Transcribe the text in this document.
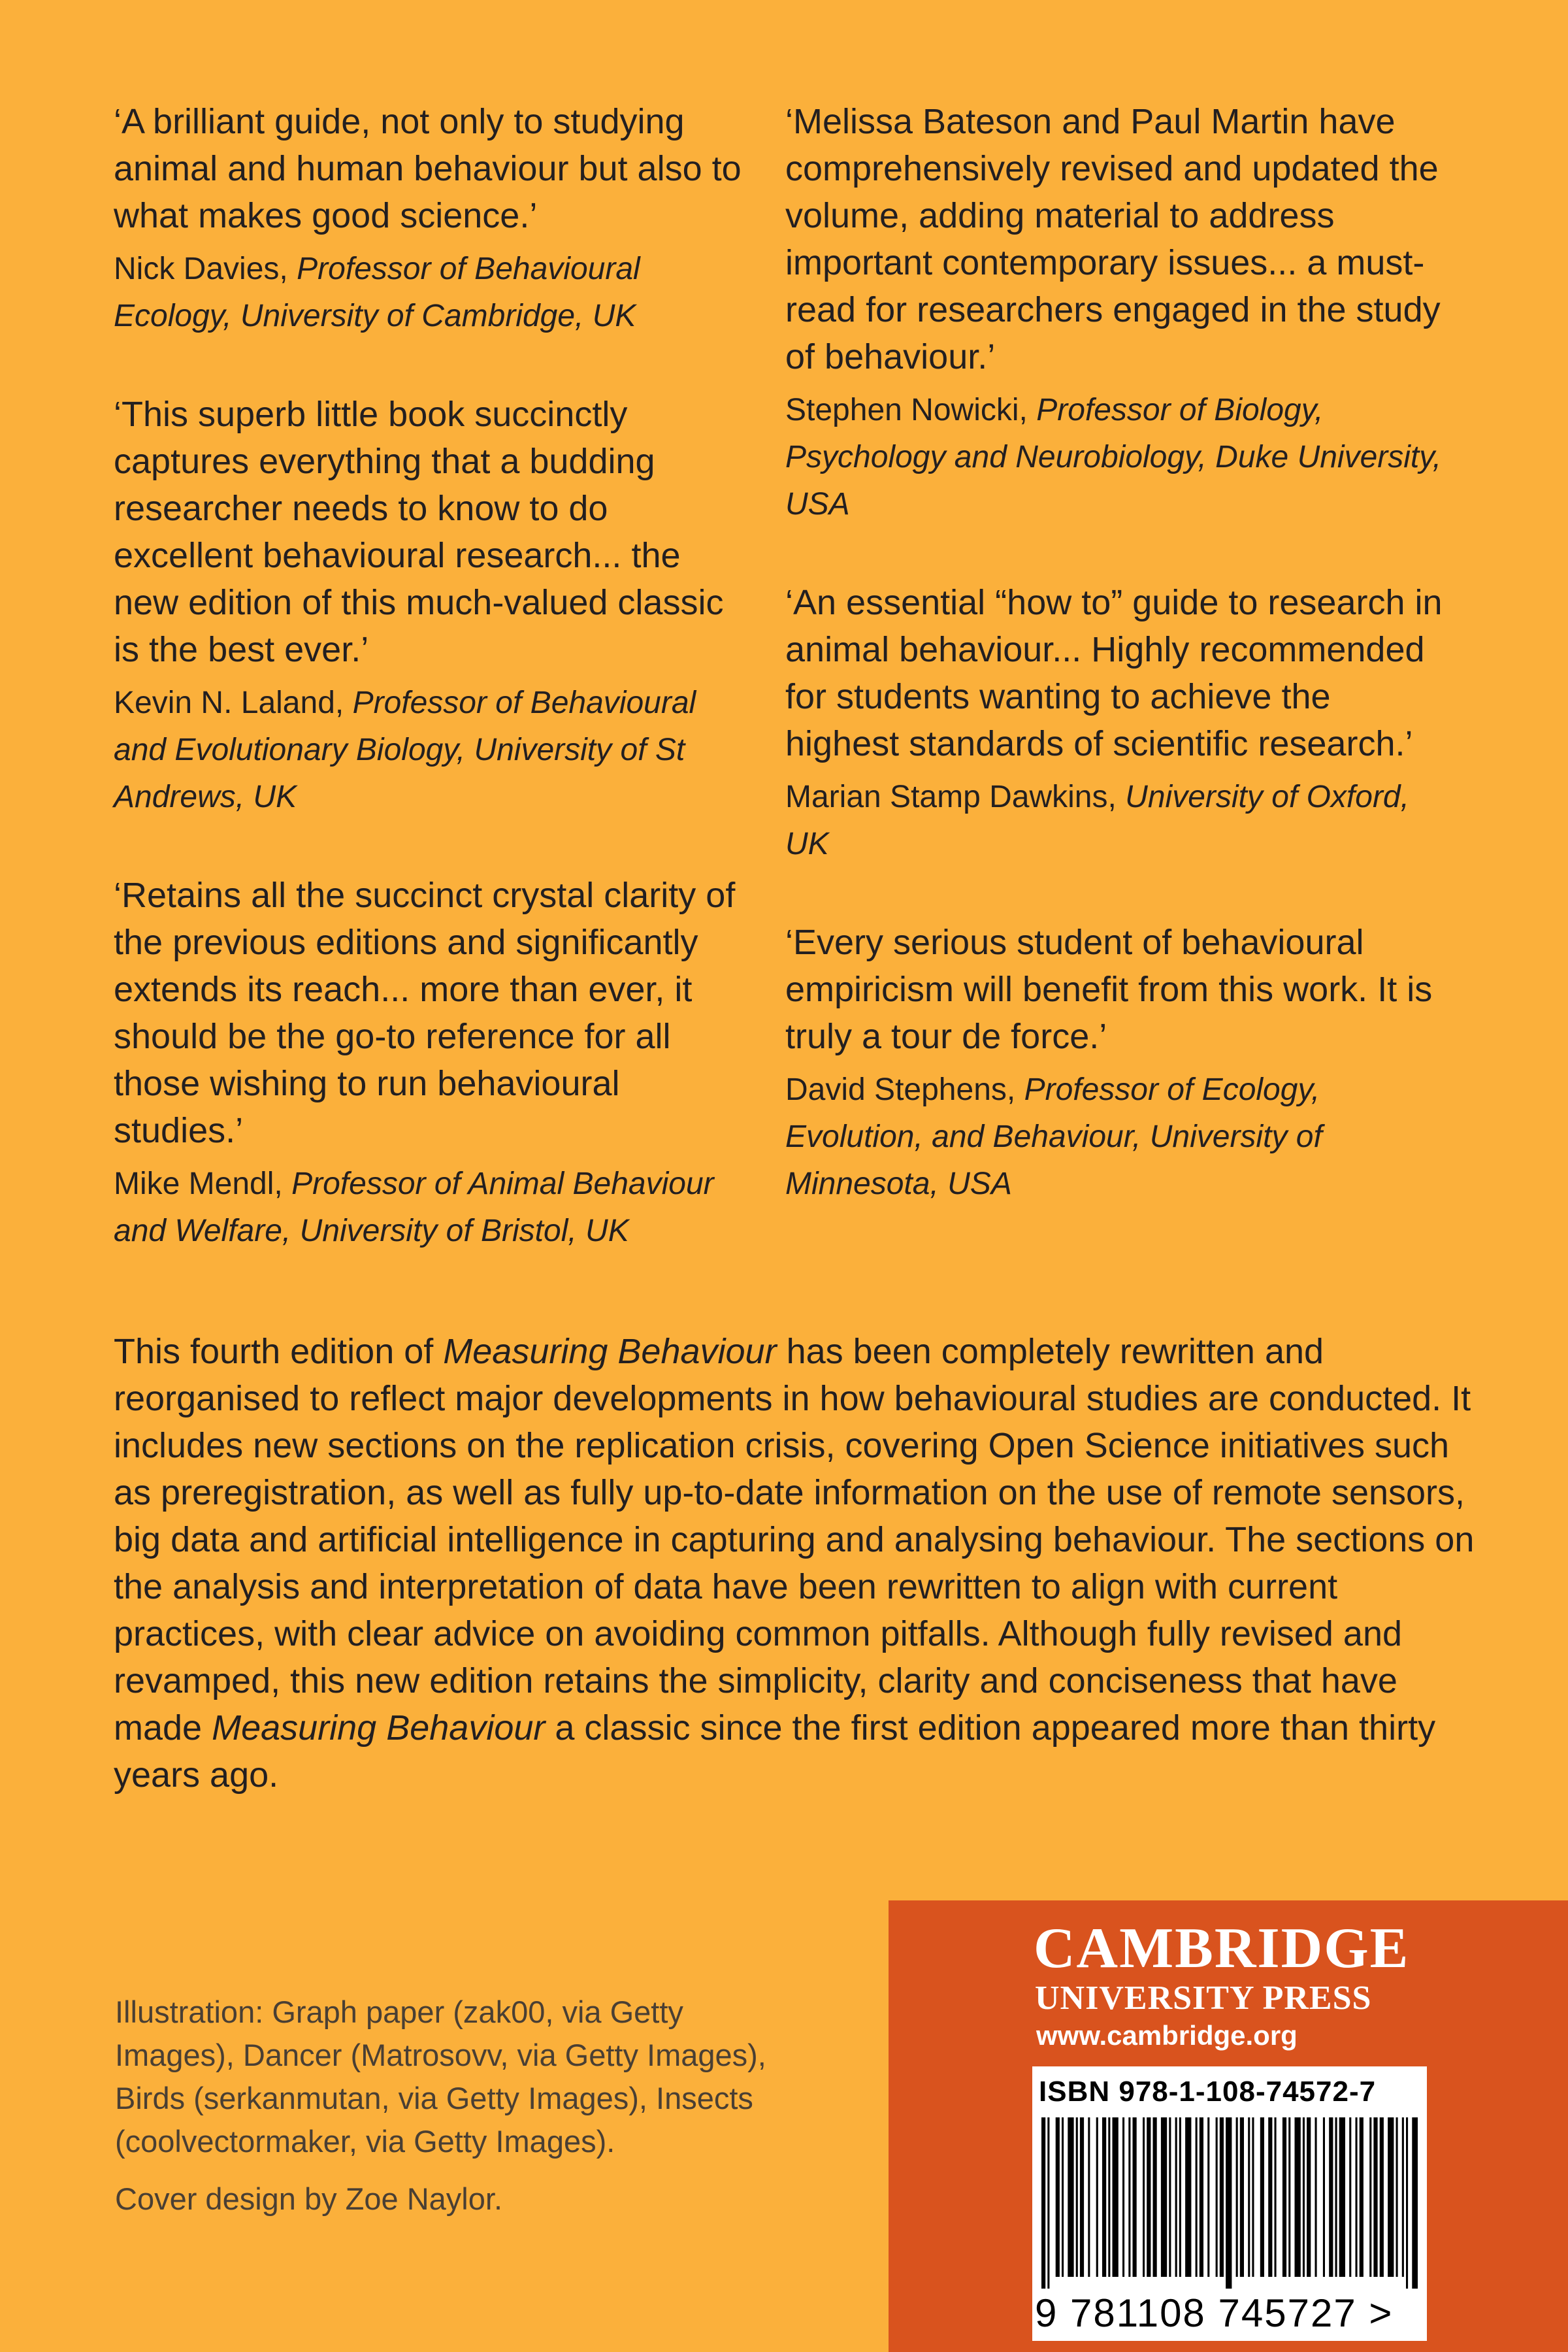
‘A brilliant guide, not only to studying animal and human behaviour but also to what makes good science.’

Nick Davies, Professor of Behavioural Ecology, University of Cambridge, UK

‘This superb little book succinctly captures everything that a budding researcher needs to know to do excellent behavioural research... the new edition of this much-valued classic is the best ever.’

Kevin N. Laland, Professor of Behavioural and Evolutionary Biology, University of St Andrews, UK

‘Retains all the succinct crystal clarity of the previous editions and significantly extends its reach... more than ever, it should be the go-to reference for all those wishing to run behavioural studies.’

Mike Mendl, Professor of Animal Behaviour and Welfare, University of Bristol, UK

‘Melissa Bateson and Paul Martin have comprehensively revised and updated the volume, adding material to address important contemporary issues... a must-read for researchers engaged in the study of behaviour.’

Stephen Nowicki, Professor of Biology, Psychology and Neurobiology, Duke University, USA

‘An essential “how to” guide to research in animal behaviour... Highly recommended for students wanting to achieve the highest standards of scientific research.’

Marian Stamp Dawkins, University of Oxford, UK

‘Every serious student of behavioural empiricism will benefit from this work. It is truly a tour de force.’

David Stephens, Professor of Ecology, Evolution, and Behaviour, University of Minnesota, USA

This fourth edition of Measuring Behaviour has been completely rewritten and reorganised to reflect major developments in how behavioural studies are conducted. It includes new sections on the replication crisis, covering Open Science initiatives such as preregistration, as well as fully up-to-date information on the use of remote sensors, big data and artificial intelligence in capturing and analysing behaviour. The sections on the analysis and interpretation of data have been rewritten to align with current practices, with clear advice on avoiding common pitfalls. Although fully revised and revamped, this new edition retains the simplicity, clarity and conciseness that have made Measuring Behaviour a classic since the first edition appeared more than thirty years ago.

Illustration: Graph paper (zak00, via Getty Images), Dancer (Matrosovv, via Getty Images), Birds (serkanmutan, via Getty Images), Insects (coolvectormaker, via Getty Images).

Cover design by Zoe Naylor.

CAMBRIDGE
UNIVERSITY PRESS
www.cambridge.org
ISBN 978-1-108-74572-7
9 781108 745727 >
